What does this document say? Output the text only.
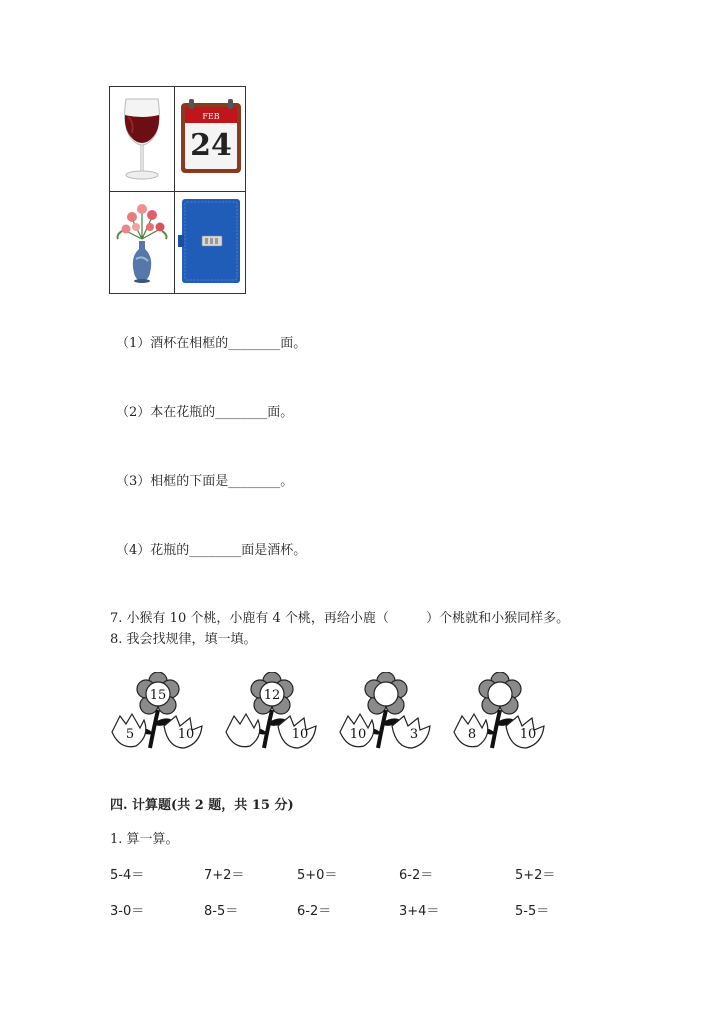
FEB
24
（1）酒杯在相框的________面。
（2）本在花瓶的________面。
（3）相框的下面是________。
（4）花瓶的________面是酒杯。
7. 小猴有 10 个桃，小鹿有 4 个桃，再给小鹿（         ）个桃就和小猴同样多。
8. 我会找规律，填一填。
15
5	10
12
10	10	3	8	10
四. 计算题(共 2 题，共 15 分)
1. 算一算。
5-4＝	7+2＝	5+0＝	6-2＝	5+2＝
3-0＝	8-5＝	6-2＝	3+4＝	5-5＝
